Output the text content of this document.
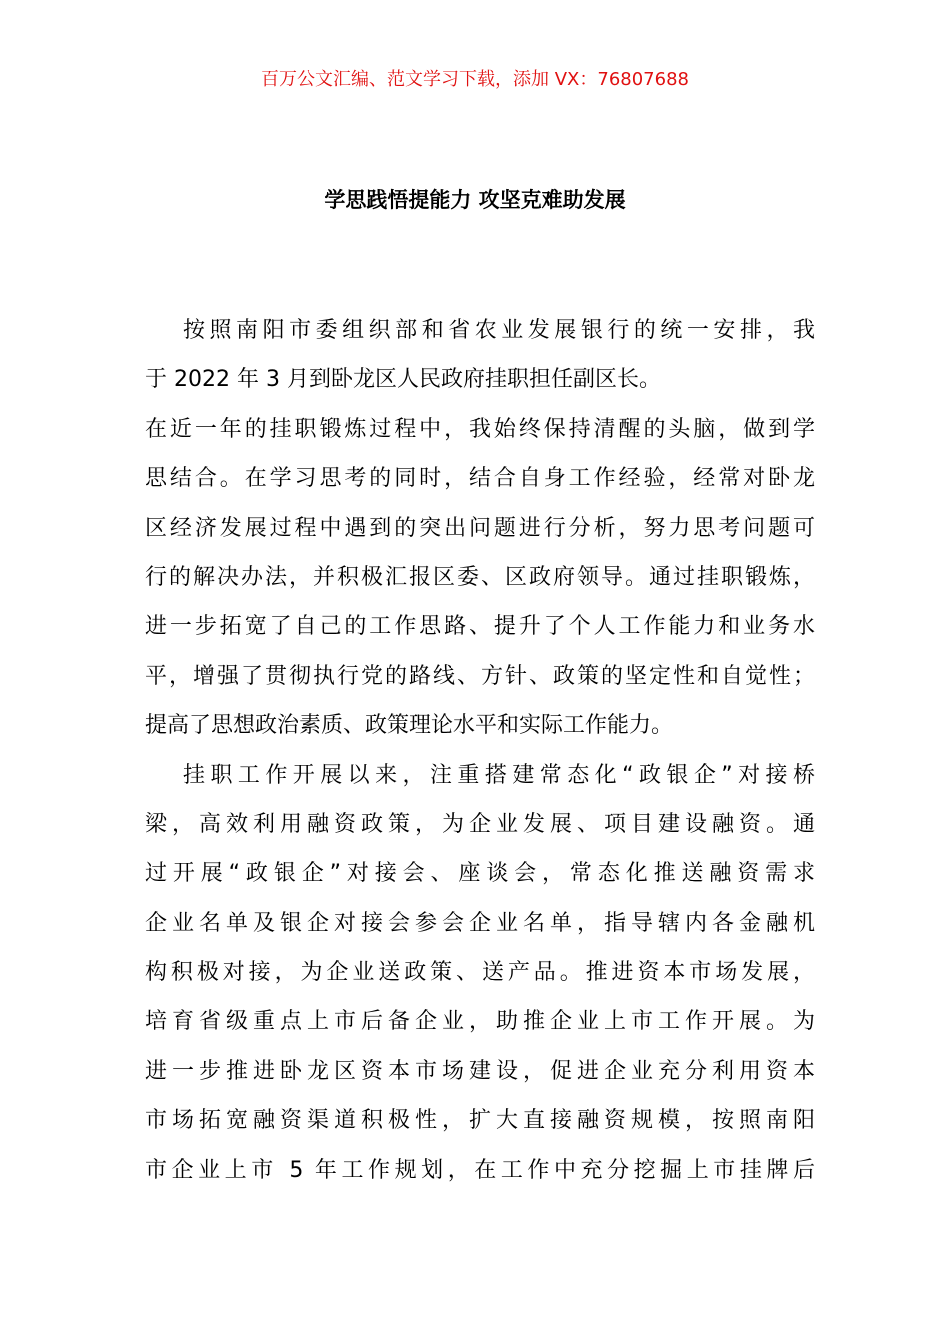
百万公文汇编、范文学习下载，添加 VX：76807688
学思践悟提能力 攻坚克难助发展
按照南阳市委组织部和省农业发展银行的统一安排，我
于 2022 年 3 月到卧龙区人民政府挂职担任副区长。
在近一年的挂职锻炼过程中，我始终保持清醒的头脑，做到学
思结合。在学习思考的同时，结合自身工作经验，经常对卧龙
区经济发展过程中遇到的突出问题进行分析，努力思考问题可
行的解决办法，并积极汇报区委、区政府领导。通过挂职锻炼，
进一步拓宽了自己的工作思路、提升了个人工作能力和业务水
平，增强了贯彻执行党的路线、方针、政策的坚定性和自觉性；
提高了思想政治素质、政策理论水平和实际工作能力。
挂职工作开展以来，注重搭建常态化“政银企”对接桥
梁，高效利用融资政策，为企业发展、项目建设融资。通
过开展“政银企”对接会、座谈会，常态化推送融资需求
企业名单及银企对接会参会企业名单，指导辖内各金融机
构积极对接，为企业送政策、送产品。推进资本市场发展，
培育省级重点上市后备企业，助推企业上市工作开展。为
进一步推进卧龙区资本市场建设，促进企业充分利用资本
市场拓宽融资渠道积极性，扩大直接融资规模，按照南阳
市企业上市 5 年工作规划，在工作中充分挖掘上市挂牌后
